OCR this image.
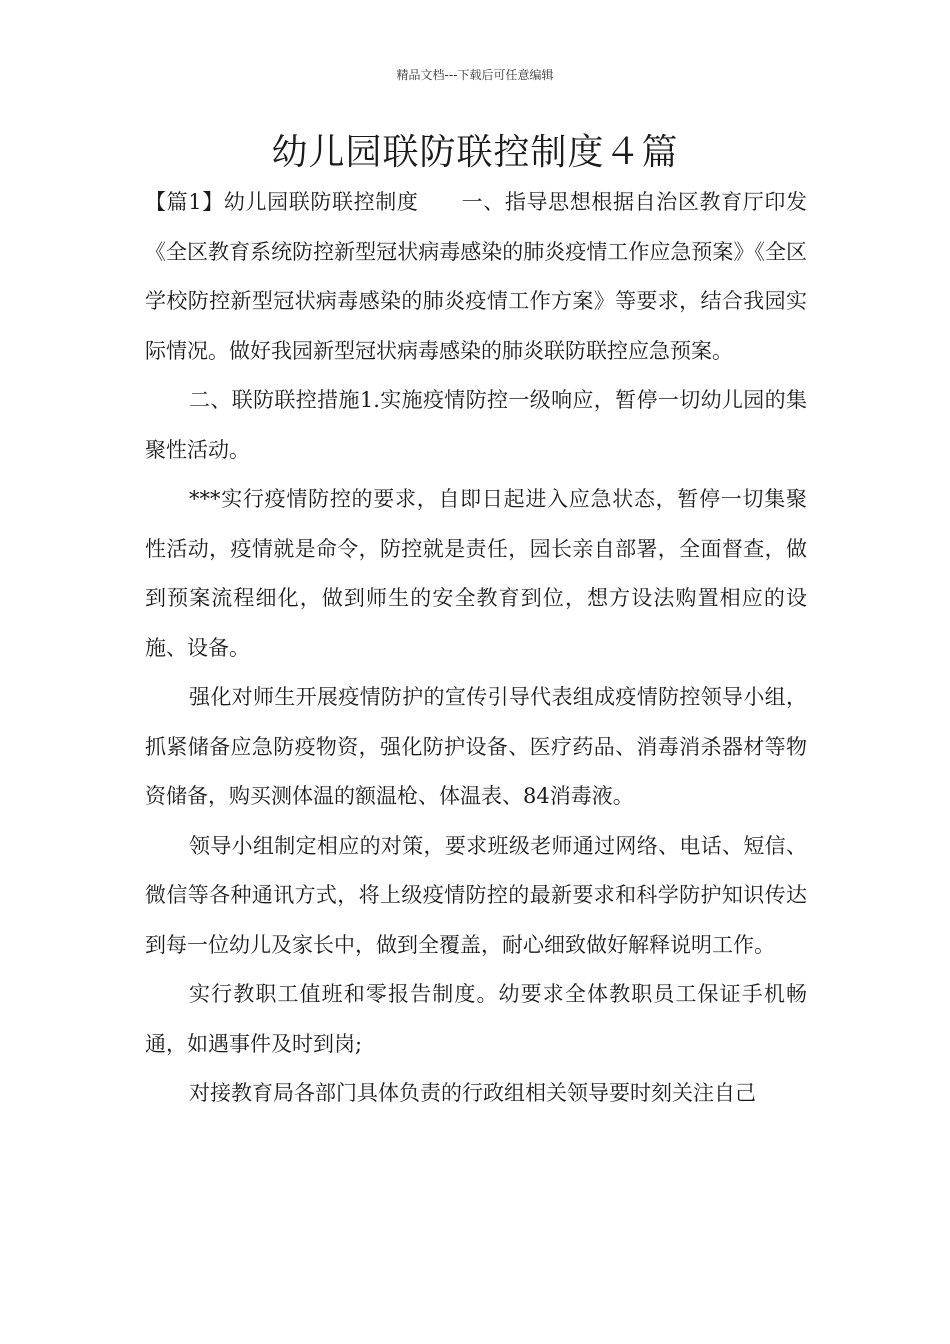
精品文档---下载后可任意编辑
幼儿园联防联控制度４篇

【篇1】幼儿园联防联控制度　　一、指导思想根据自治区教育厅印发《全区教育系统防控新型冠状病毒感染的肺炎疫情工作应急预案》《全区学校防控新型冠状病毒感染的肺炎疫情工作方案》等要求，结合我园实际情况。做好我园新型冠状病毒感染的肺炎联防联控应急预案。

二、联防联控措施1.实施疫情防控一级响应，暂停一切幼儿园的集聚性活动。

***实行疫情防控的要求，自即日起进入应急状态，暂停一切集聚性活动，疫情就是命令，防控就是责任，园长亲自部署，全面督查，做到预案流程细化，做到师生的安全教育到位，想方设法购置相应的设施、设备。

强化对师生开展疫情防护的宣传引导代表组成疫情防控领导小组，抓紧储备应急防疫物资，强化防护设备、医疗药品、消毒消杀器材等物资储备，购买测体温的额温枪、体温表、84消毒液。

领导小组制定相应的对策，要求班级老师通过网络、电话、短信、微信等各种通讯方式，将上级疫情防控的最新要求和科学防护知识传达到每一位幼儿及家长中，做到全覆盖，耐心细致做好解释说明工作。

实行教职工值班和零报告制度。幼要求全体教职员工保证手机畅通，如遇事件及时到岗;

对接教育局各部门具体负责的行政组相关领导要时刻关注自己
